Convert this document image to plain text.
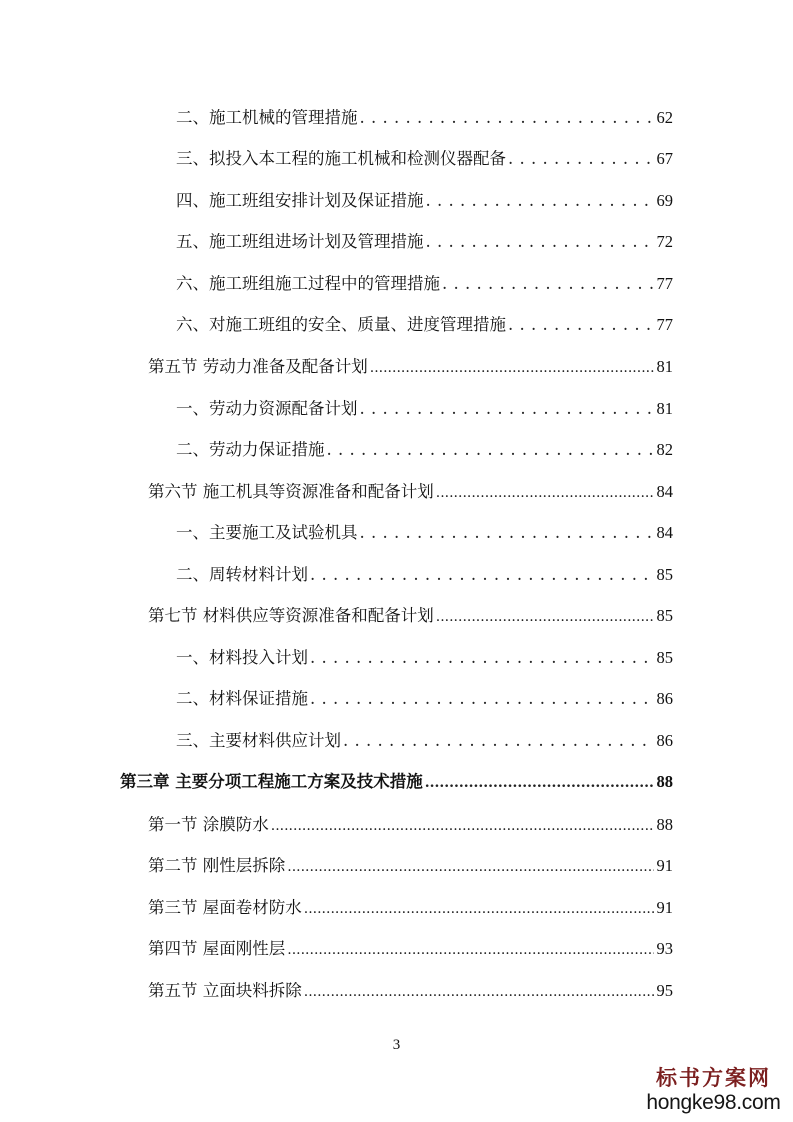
二、施工机械的管理措施 . . .	62
三、拟投入本工程的施工机械和检测仪器配备 . . .	67
四、施工班组安排计划及保证措施 . . .	69
五、施工班组进场计划及管理措施 . . .	72
六、施工班组施工过程中的管理措施 . . .	77
六、对施工班组的安全、质量、进度管理措施 . . .	77
第五节 劳动力准备及配备计划 .....	81
一、劳动力资源配备计划 . . .	81
二、劳动力保证措施 . . .	82
第六节 施工机具等资源准备和配备计划 .....	84
一、主要施工及试验机具 . . .	84
二、周转材料计划 . . .	85
第七节 材料供应等资源准备和配备计划 .....	85
一、材料投入计划 . . .	85
二、材料保证措施 . . .	86
三、主要材料供应计划 . . .	86
第三章 主要分项工程施工方案及技术措施 .....	88
第一节 涂膜防水 .....	88
第二节 刚性层拆除 .....	91
第三节 屋面卷材防水 .....	91
第四节 屋面刚性层 .....	93
第五节 立面块料拆除 .....	95
3
标书方案网
hongke98.com
